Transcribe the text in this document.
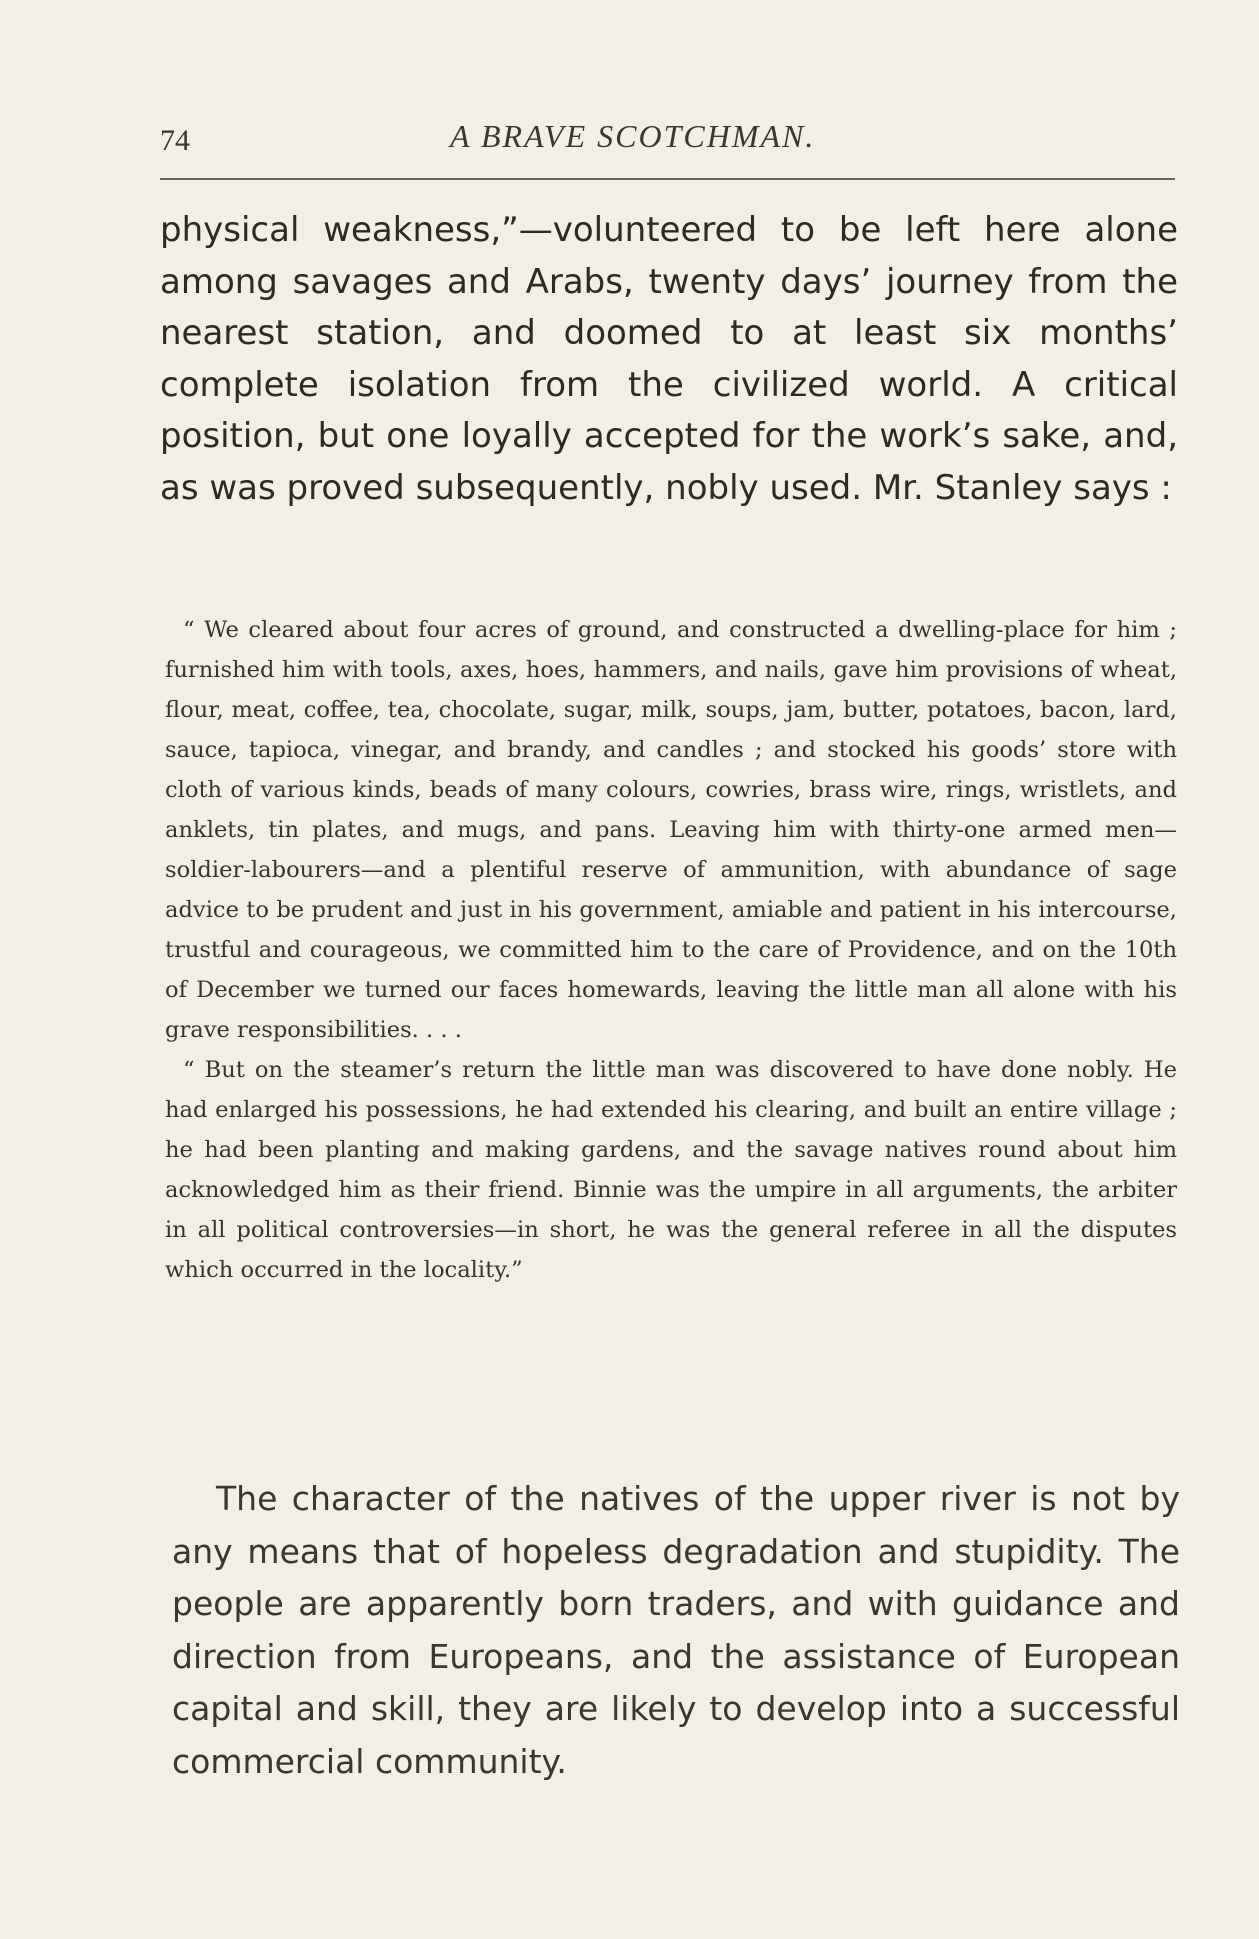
74	A BRAVE SCOTCHMAN.

physical weakness,”—volunteered to be left here alone among savages and Arabs, twenty days’ journey from the nearest station, and doomed to at least six months’ complete isolation from the civilized world. A critical position, but one loyally accepted for the work’s sake, and, as was proved subsequently, nobly used. Mr. Stanley says :

“ We cleared about four acres of ground, and constructed a dwelling-place for him ; furnished him with tools, axes, hoes, hammers, and nails, gave him provisions of wheat, flour, meat, coffee, tea, chocolate, sugar, milk, soups, jam, butter, potatoes, bacon, lard, sauce, tapioca, vinegar, and brandy, and candles ; and stocked his goods’ store with cloth of various kinds, beads of many colours, cowries, brass wire, rings, wristlets, and anklets, tin plates, and mugs, and pans. Leaving him with thirty-one armed men—soldier-labourers—and a plentiful reserve of ammunition, with abundance of sage advice to be prudent and just in his government, amiable and patient in his intercourse, trustful and courageous, we committed him to the care of Providence, and on the 10th of December we turned our faces homewards, leaving the little man all alone with his grave responsibilities. . . .

“ But on the steamer’s return the little man was discovered to have done nobly. He had enlarged his possessions, he had extended his clearing, and built an entire village ; he had been planting and making gardens, and the savage natives round about him acknowledged him as their friend. Binnie was the umpire in all arguments, the arbiter in all political controversies—in short, he was the general referee in all the disputes which occurred in the locality.”

The character of the natives of the upper river is not by any means that of hopeless degradation and stupidity. The people are apparently born traders, and with guidance and direction from Europeans, and the assistance of European capital and skill, they are likely to develop into a successful commercial community.
